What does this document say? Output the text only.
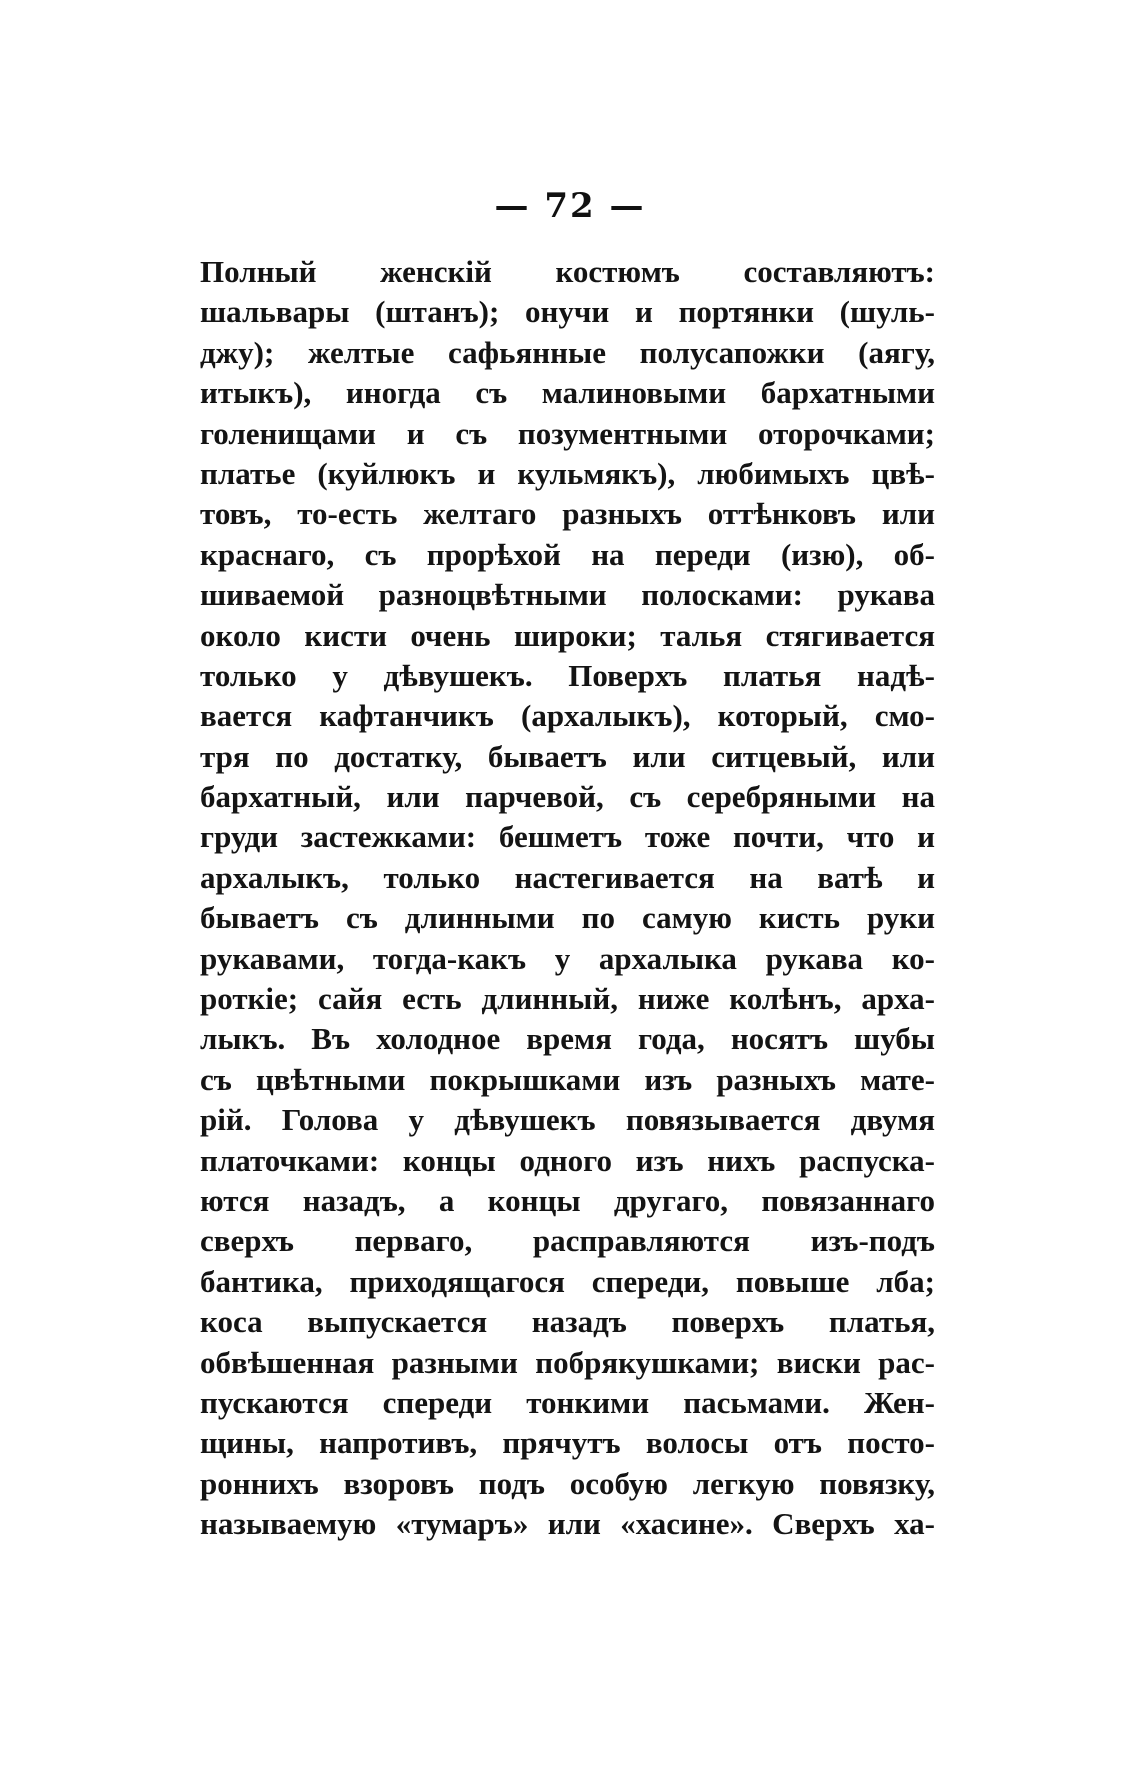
— 72 —
Полный женскій костюмъ составляютъ:
шальвары (штанъ); онучи и портянки (шуль-
джу); желтые сафьянные полусапожки (аягу,
итыкъ), иногда съ малиновыми бархатными
голенищами и съ позументными оторочками;
платье (куйлюкъ и кульмякъ), любимыхъ цвѣ-
товъ, то-есть желтаго разныхъ оттѣнковъ или
краснаго, съ прорѣхой на переди (изю), об-
шиваемой разноцвѣтными полосками: рукава
около кисти очень широки; талья стягивается
только у дѣвушекъ. Поверхъ платья надѣ-
вается кафтанчикъ (архалыкъ), который, смо-
тря по достатку, бываетъ или ситцевый, или
бархатный, или парчевой, съ серебряными на
груди застежками: бешметъ тоже почти, что и
архалыкъ, только настегивается на ватѣ и
бываетъ съ длинными по самую кисть руки
рукавами, тогда-какъ у архалыка рукава ко-
роткіе; сайя есть длинный, ниже колѣнъ, арха-
лыкъ. Въ холодное время года, носятъ шубы
съ цвѣтными покрышками изъ разныхъ мате-
рій. Голова у дѣвушекъ повязывается двумя
платочками: концы одного изъ нихъ распуска-
ются назадъ, а концы другаго, повязаннаго
сверхъ перваго, расправляются изъ-подъ
бантика, приходящагося спереди, повыше лба;
коса выпускается назадъ поверхъ платья,
обвѣшенная разными побрякушками; виски рас-
пускаются спереди тонкими пасьмами. Жен-
щины, напротивъ, прячутъ волосы отъ посто-
роннихъ взоровъ подъ особую легкую повязку,
называемую «тумаръ» или «хасине». Сверхъ ха-
